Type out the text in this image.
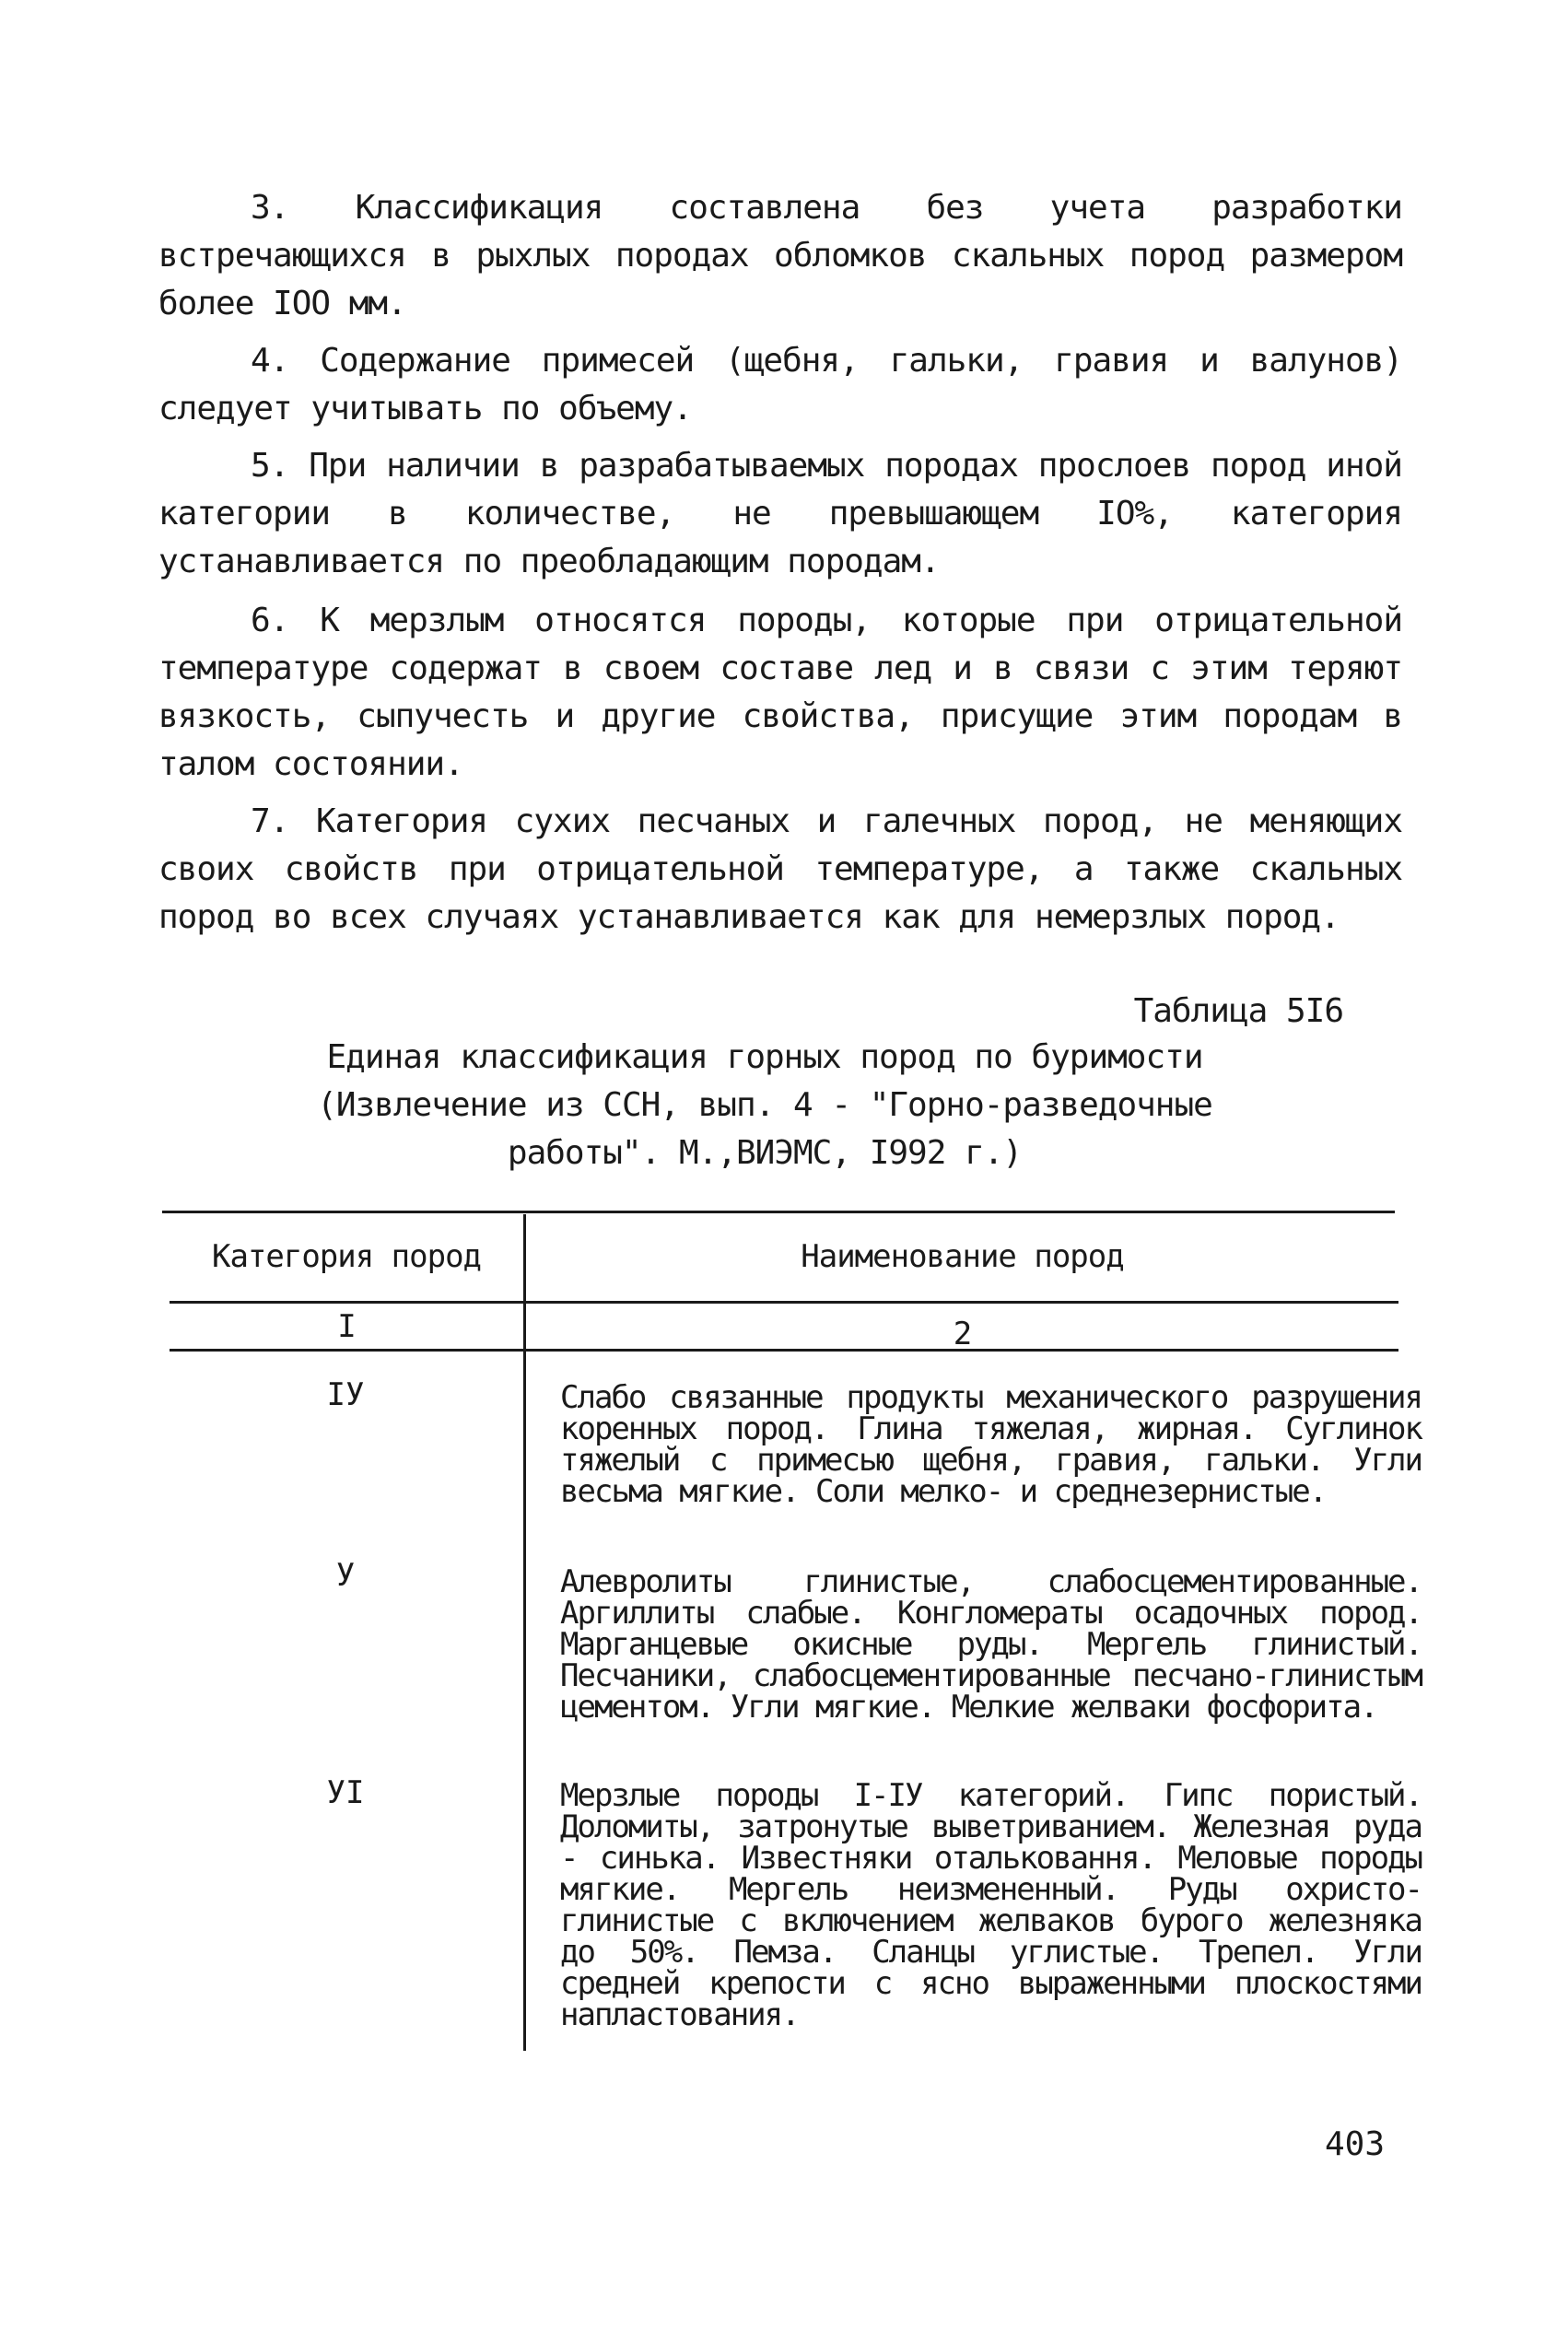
3. Классификация составлена без учета разработки встречающихся в рыхлых породах обломков скальных пород размером более IOO мм.

4. Содержание примесей (щебня, гальки, гравия и валунов) следует учитывать по объему.

5. При наличии в разрабатываемых породах прослоев пород иной категории в количестве, не превышающем IO%, категория устанавливается по преобладающим породам.

6. К мерзлым относятся породы, которые при отрицательной температуре содержат в своем составе лед и в связи с этим теряют вязкость, сыпучесть и другие свойства, присущие этим породам в талом состоянии.

7. Категория сухих песчаных и галечных пород, не меняющих своих свойств при отрицательной температуре, а также скальных пород во всех случаях устанавливается как для немерзлых пород.

Таблица 5I6
Единая классификация горных пород по буримости
(Извлечение из ССН, вып. 4 - "Горно-разведочные
работы". М.,ВИЭМС, I992 г.)
Категория пород	Наименование пород
I	2
IУ	Слабо связанные продукты механического разрушения коренных пород. Глина тяжелая, жирная. Суглинок тяжелый с примесью щебня, гравия, гальки. Угли весьма мягкие. Соли мелко- и среднезернистые.

У	Алевролиты глинистые, слабосцементированные. Аргиллиты слабые. Конгломераты осадочных пород. Марганцевые окисные руды. Мергель глинистый. Песчаники, слабосцементированные песчано-глинистым цементом. Угли мягкие. Мелкие желваки фосфорита.

УI	Мерзлые породы I-IУ категорий. Гипс пористый. Доломиты, затронутые выветриванием. Железная руда - синька. Известняки отальковання. Меловые породы мягкие. Мергель неизмененный. Руды охристо-глинистые с включением желваков бурого железняка до 50%. Пемза. Сланцы углистые. Трепел. Угли средней крепости с ясно выраженными плоскостями напластования.

403
